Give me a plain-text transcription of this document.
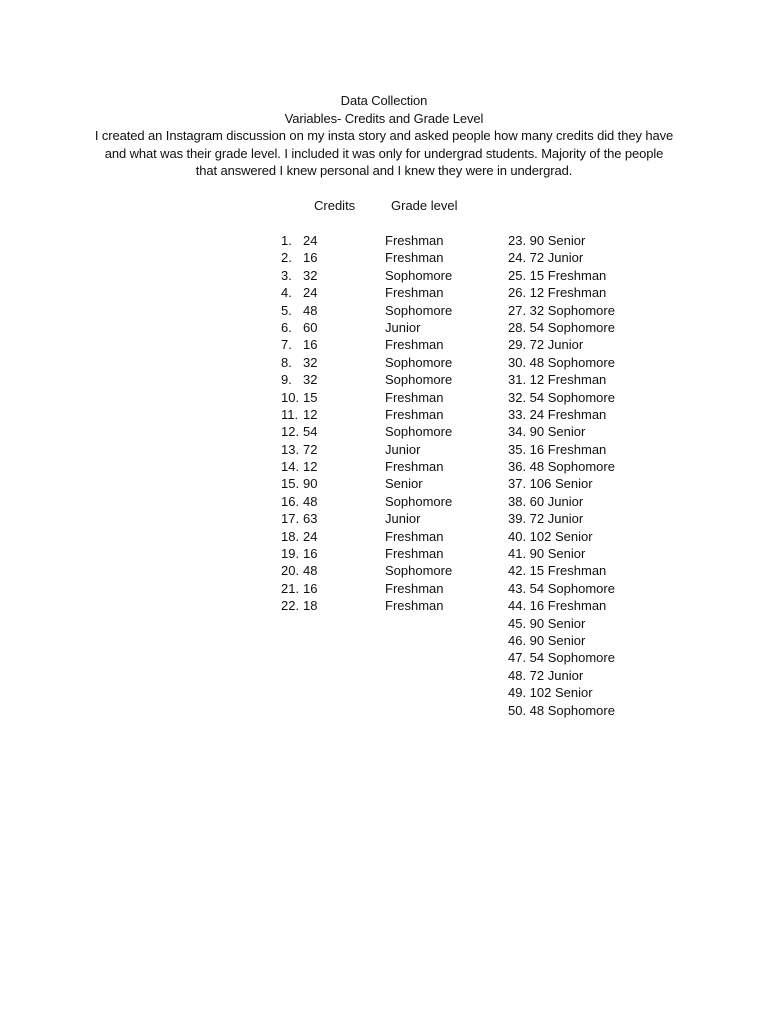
Data Collection
Variables- Credits and Grade Level
I created an Instagram discussion on my insta story and asked people how many credits did they have
and what was their grade level. I included it was only for undergrad students. Majority of the people
that answered I knew personal and I knew they were in undergrad.
Credits	Grade level
1. 24	Freshman
2. 16	Freshman
3. 32	Sophomore
4. 24	Freshman
5. 48	Sophomore
6. 60	Junior
7. 16	Freshman
8. 32	Sophomore
9. 32	Sophomore
10. 15	Freshman
11. 12	Freshman
12. 54	Sophomore
13. 72	Junior
14. 12	Freshman
15. 90	Senior
16. 48	Sophomore
17. 63	Junior
18. 24	Freshman
19. 16	Freshman
20. 48	Sophomore
21. 16	Freshman
22. 18	Freshman
23. 90 Senior
24. 72 Junior
25. 15 Freshman
26. 12 Freshman
27. 32 Sophomore
28. 54 Sophomore
29. 72 Junior
30. 48 Sophomore
31. 12 Freshman
32. 54 Sophomore
33. 24 Freshman
34. 90 Senior
35. 16 Freshman
36. 48 Sophomore
37. 106 Senior
38. 60 Junior
39. 72 Junior
40. 102 Senior
41. 90 Senior
42. 15 Freshman
43. 54 Sophomore
44. 16 Freshman
45. 90 Senior
46. 90 Senior
47. 54 Sophomore
48. 72 Junior
49. 102 Senior
50. 48 Sophomore
